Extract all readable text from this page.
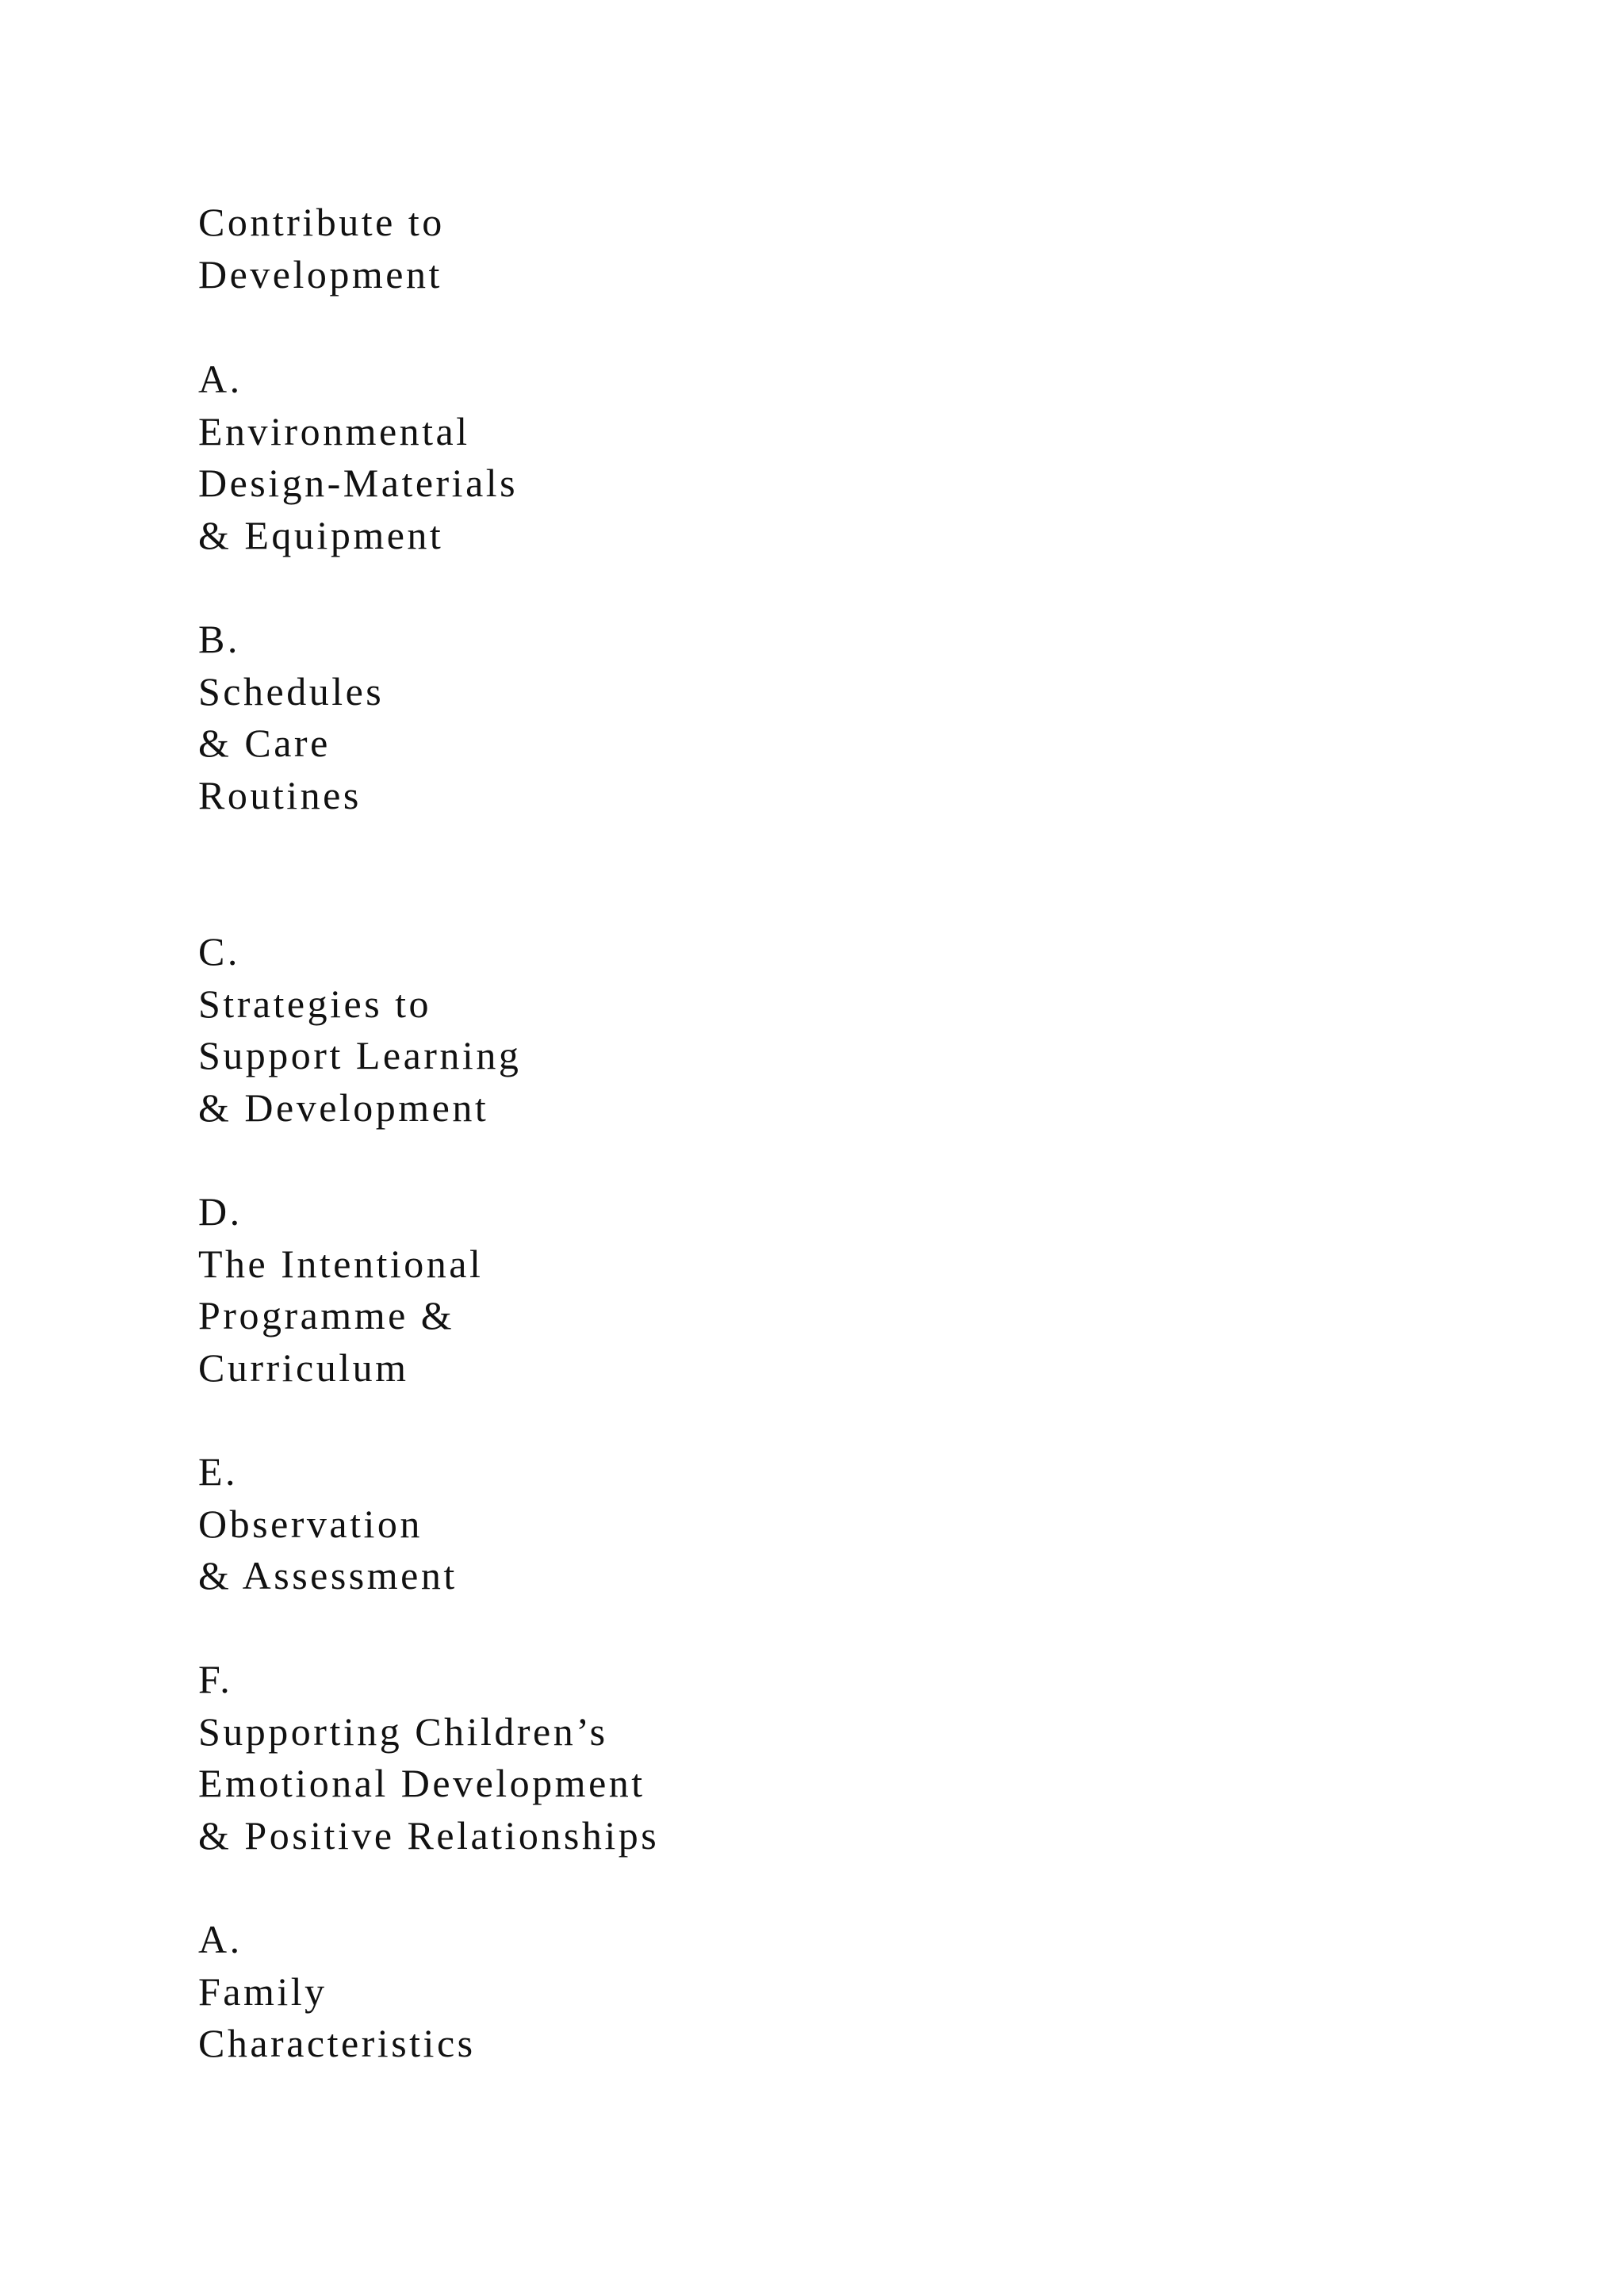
Contribute to
Development
A.
Environmental
Design-Materials
& Equipment
B.
Schedules
& Care
Routines
C.
Strategies to
Support Learning
& Development
D.
The Intentional
Programme &
Curriculum
E.
Observation
& Assessment
F.
Supporting Children’s
Emotional Development
& Positive Relationships
A.
Family
Characteristics
